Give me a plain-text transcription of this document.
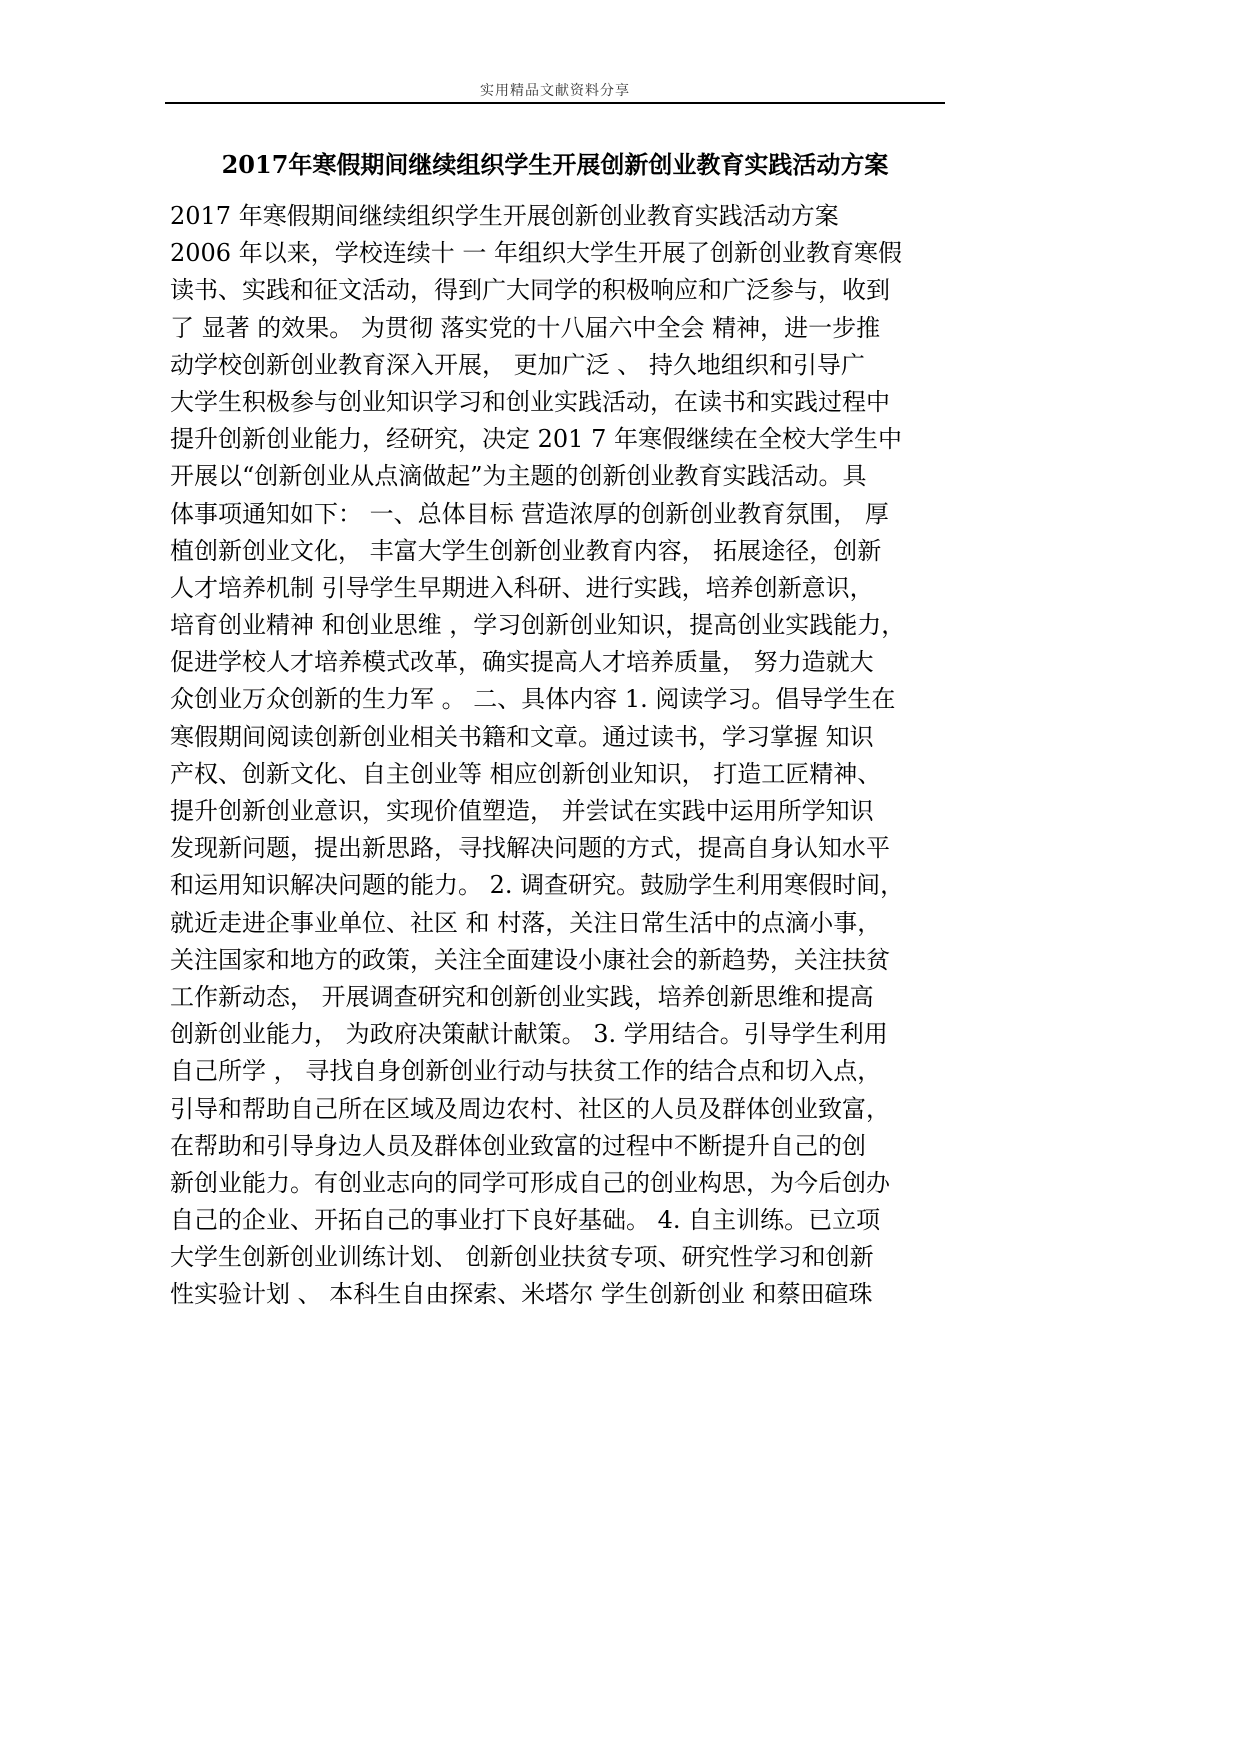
实用精品文献资料分享
2017年寒假期间继续组织学生开展创新创业教育实践活动方案
2017 年寒假期间继续组织学生开展创新创业教育实践活动方案
2006 年以来，学校连续十 一 年组织大学生开展了创新创业教育寒假
读书、实践和征文活动，得到广大同学的积极响应和广泛参与，收到
了 显著 的效果。 为贯彻 落实党的十八届六中全会 精神，进一步推
动学校创新创业教育深入开展， 更加广泛 、 持久地组织和引导广
大学生积极参与创业知识学习和创业实践活动，在读书和实践过程中
提升创新创业能力，经研究，决定 201 7 年寒假继续在全校大学生中
开展以“创新创业从点滴做起”为主题的创新创业教育实践活动。具
体事项通知如下： 一、总体目标 营造浓厚的创新创业教育氛围， 厚
植创新创业文化， 丰富大学生创新创业教育内容， 拓展途径，创新
人才培养机制 引导学生早期进入科研、进行实践，培养创新意识，
培育创业精神 和创业思维 ，学习创新创业知识，提高创业实践能力，
促进学校人才培养模式改革，确实提高人才培养质量， 努力造就大
众创业万众创新的生力军 。 二、具体内容 1. 阅读学习。倡导学生在
寒假期间阅读创新创业相关书籍和文章。通过读书，学习掌握 知识
产权、创新文化、自主创业等 相应创新创业知识， 打造工匠精神、
提升创新创业意识，实现价值塑造， 并尝试在实践中运用所学知识
发现新问题，提出新思路，寻找解决问题的方式，提高自身认知水平
和运用知识解决问题的能力。 2. 调查研究。鼓励学生利用寒假时间，
就近走进企事业单位、社区 和 村落，关注日常生活中的点滴小事，
关注国家和地方的政策，关注全面建设小康社会的新趋势，关注扶贫
工作新动态， 开展调查研究和创新创业实践，培养创新思维和提高
创新创业能力， 为政府决策献计献策。 3. 学用结合。引导学生利用
自己所学 ， 寻找自身创新创业行动与扶贫工作的结合点和切入点，
引导和帮助自己所在区域及周边农村、社区的人员及群体创业致富，
在帮助和引导身边人员及群体创业致富的过程中不断提升自己的创
新创业能力。有创业志向的同学可形成自己的创业构思，为今后创办
自己的企业、开拓自己的事业打下良好基础。 4. 自主训练。已立项
大学生创新创业训练计划、 创新创业扶贫专项、研究性学习和创新
性实验计划 、 本科生自由探索、米塔尔 学生创新创业 和蔡田碹珠
